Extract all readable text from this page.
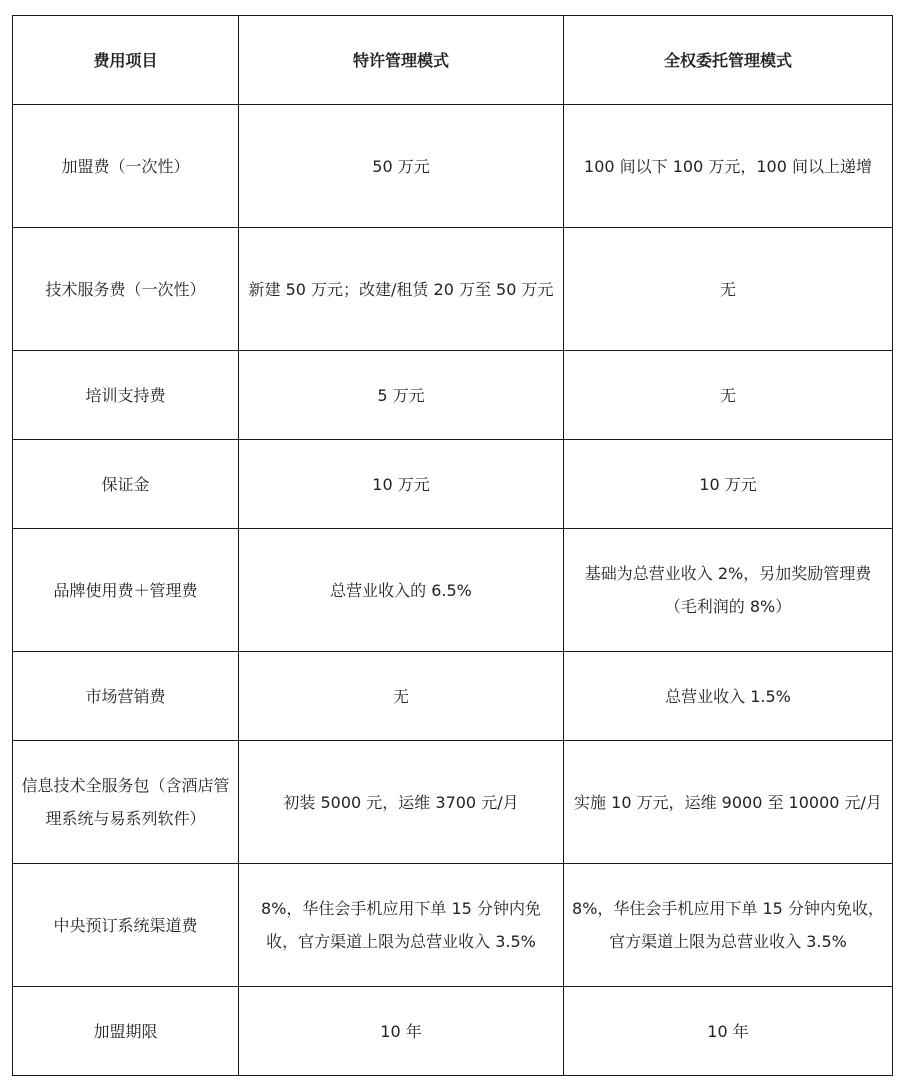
费用项目	特许管理模式	全权委托管理模式
加盟费（一次性）	50 万元	100 间以下 100 万元，100 间以上递增
技术服务费（一次性）	新建 50 万元；改建/租赁 20 万至 50 万元	无
培训支持费	5 万元	无
保证金	10 万元	10 万元
品牌使用费＋管理费	总营业收入的 6.5%	基础为总营业收入 2%，另加奖励管理费（毛利润的 8%）
市场营销费	无	总营业收入 1.5%
信息技术全服务包（含酒店管理系统与易系列软件）	初装 5000 元，运维 3700 元/月	实施 10 万元，运维 9000 至 10000 元/月
中央预订系统渠道费	8%，华住会手机应用下单 15 分钟内免收，官方渠道上限为总营业收入 3.5%	8%，华住会手机应用下单 15 分钟内免收，官方渠道上限为总营业收入 3.5%
加盟期限	10 年	10 年
